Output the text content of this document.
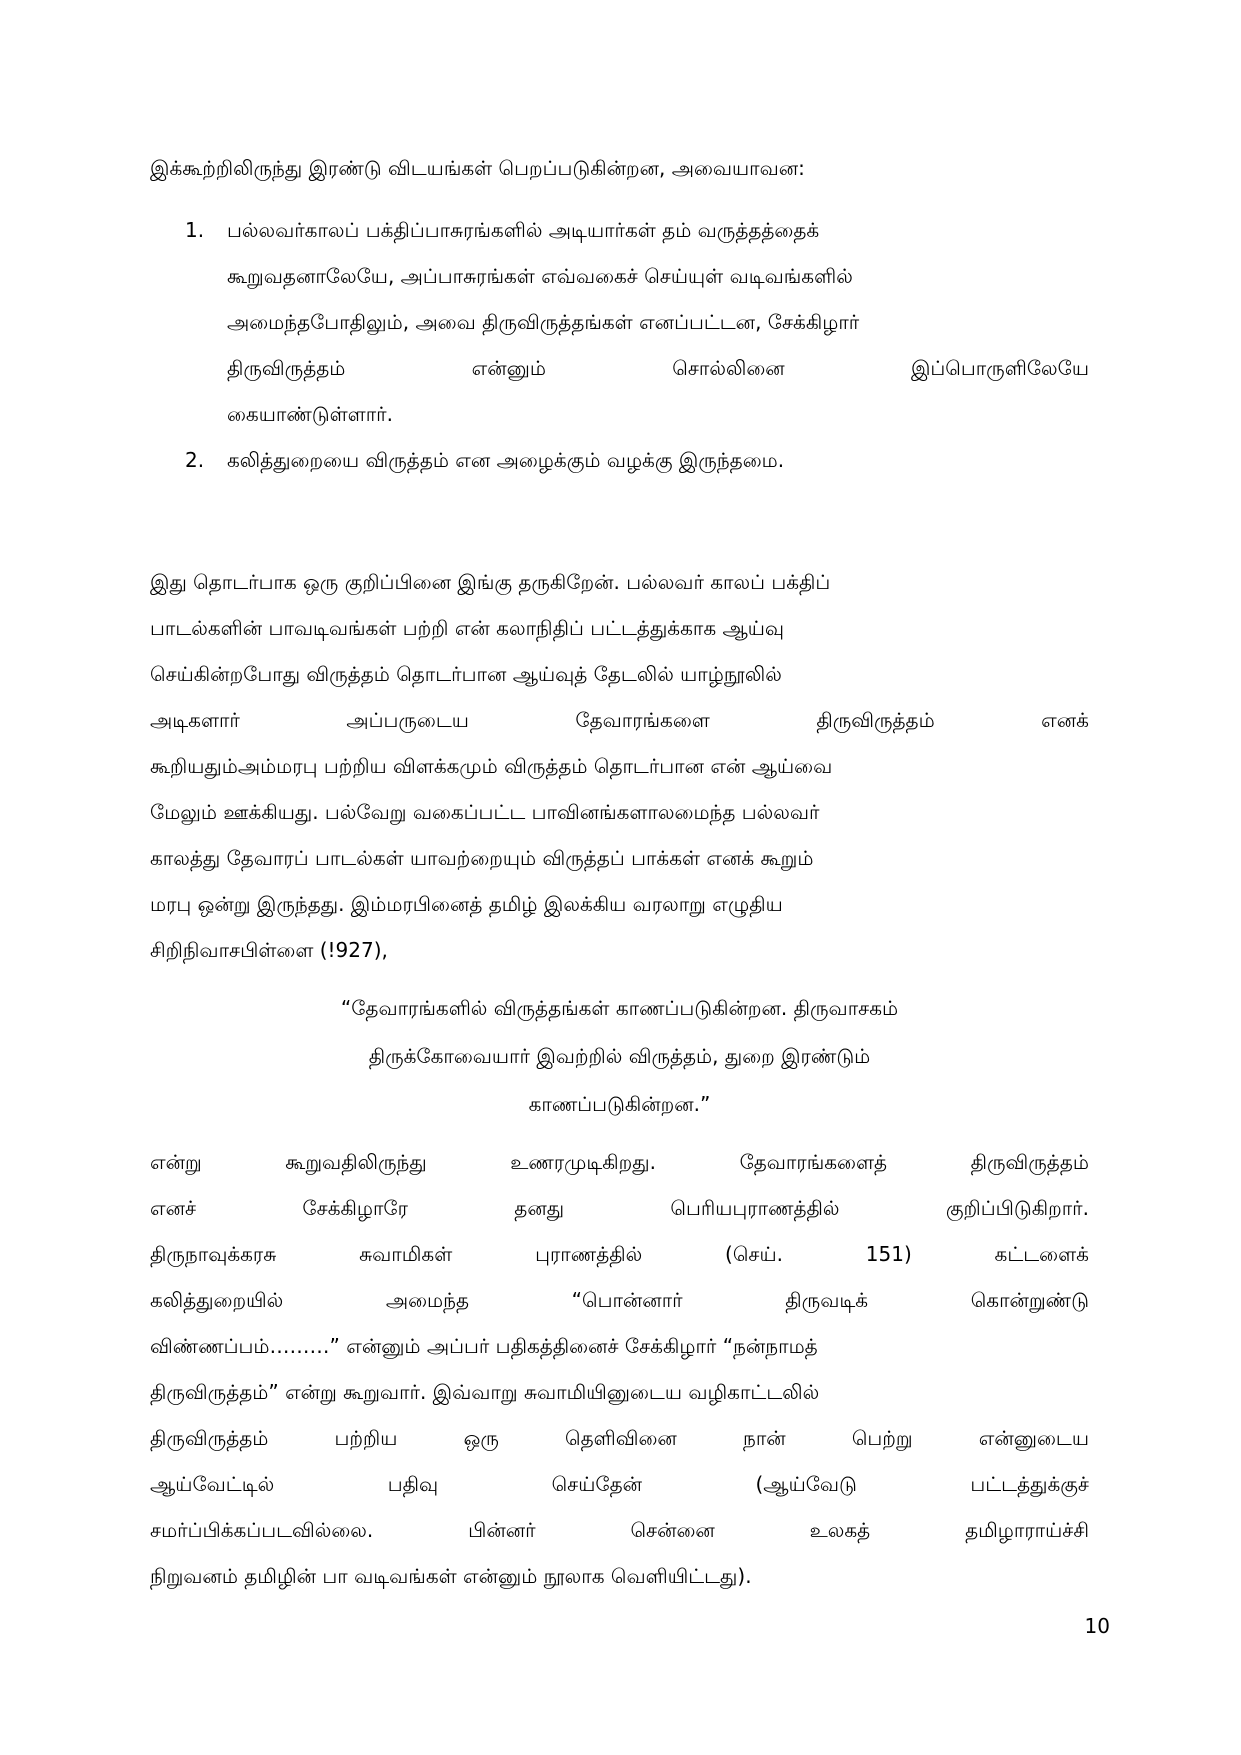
இக்கூற்றிலிருந்து இரண்டு விடயங்கள் பெறப்படுகின்றன, அவையாவன:
1. பல்லவர்காலப் பக்திப்பாசுரங்களில் அடியார்கள் தம் வருத்தத்தைக்
கூறுவதனாலேயே, அப்பாசுரங்கள் எவ்வகைச் செய்யுள் வடிவங்களில்
அமைந்தபோதிலும், அவை திருவிருத்தங்கள் எனப்பட்டன, சேக்கிழார்
திருவிருத்தம்	என்னும்	சொல்லினை	இப்பொருளிலேயே
கையாண்டுள்ளார்.
2. கலித்துறையை விருத்தம் என அழைக்கும் வழக்கு இருந்தமை.
இது தொடர்பாக ஒரு குறிப்பினை இங்கு தருகிறேன். பல்லவர் காலப் பக்திப்
பாடல்களின் பாவடிவங்கள் பற்றி என் கலாநிதிப் பட்டத்துக்காக ஆய்வு
செய்கின்றபோது விருத்தம் தொடர்பான ஆய்வுத் தேடலில் யாழ்நூலில்
அடிகளார்	அப்பருடைய	தேவாரங்களை	திருவிருத்தம்	எனக்
கூறியதும்அம்மரபு பற்றிய விளக்கமும் விருத்தம் தொடர்பான என் ஆய்வை
மேலும் ஊக்கியது. பல்வேறு வகைப்பட்ட பாவினங்களாலமைந்த பல்லவர்
காலத்து தேவாரப் பாடல்கள் யாவற்றையும் விருத்தப் பாக்கள் எனக் கூறும்
மரபு ஒன்று இருந்தது. இம்மரபினைத் தமிழ் இலக்கிய வரலாறு எழுதிய
சிறிநிவாசபிள்ளை (!927),
“தேவாரங்களில் விருத்தங்கள் காணப்படுகின்றன. திருவாசகம்
திருக்கோவையார் இவற்றில் விருத்தம், துறை இரண்டும்
காணப்படுகின்றன.”
என்று	கூறுவதிலிருந்து	உணரமுடிகிறது.	தேவாரங்களைத்	திருவிருத்தம்
எனச்	சேக்கிழாரே	தனது	பெரியபுராணத்தில்	குறிப்பிடுகிறார்.
திருநாவுக்கரசு	சுவாமிகள்	புராணத்தில்	(செய்.	151)	கட்டளைக்
கலித்துறையில்	அமைந்த	“பொன்னார்	திருவடிக்	கொன்றுண்டு
விண்ணப்பம்………” என்னும் அப்பர் பதிகத்தினைச் சேக்கிழார் “நன்நாமத்
திருவிருத்தம்” என்று கூறுவார். இவ்வாறு சுவாமியினுடைய வழிகாட்டலில்
திருவிருத்தம்	பற்றிய	ஒரு	தெளிவினை	நான்	பெற்று	என்னுடைய
ஆய்வேட்டில்	பதிவு	செய்தேன்	(ஆய்வேடு	பட்டத்துக்குச்
சமர்ப்பிக்கப்படவில்லை.	பின்னர்	சென்னை	உலகத்	தமிழாராய்ச்சி
நிறுவனம் தமிழின் பா வடிவங்கள் என்னும் நூலாக வெளியிட்டது).
10
